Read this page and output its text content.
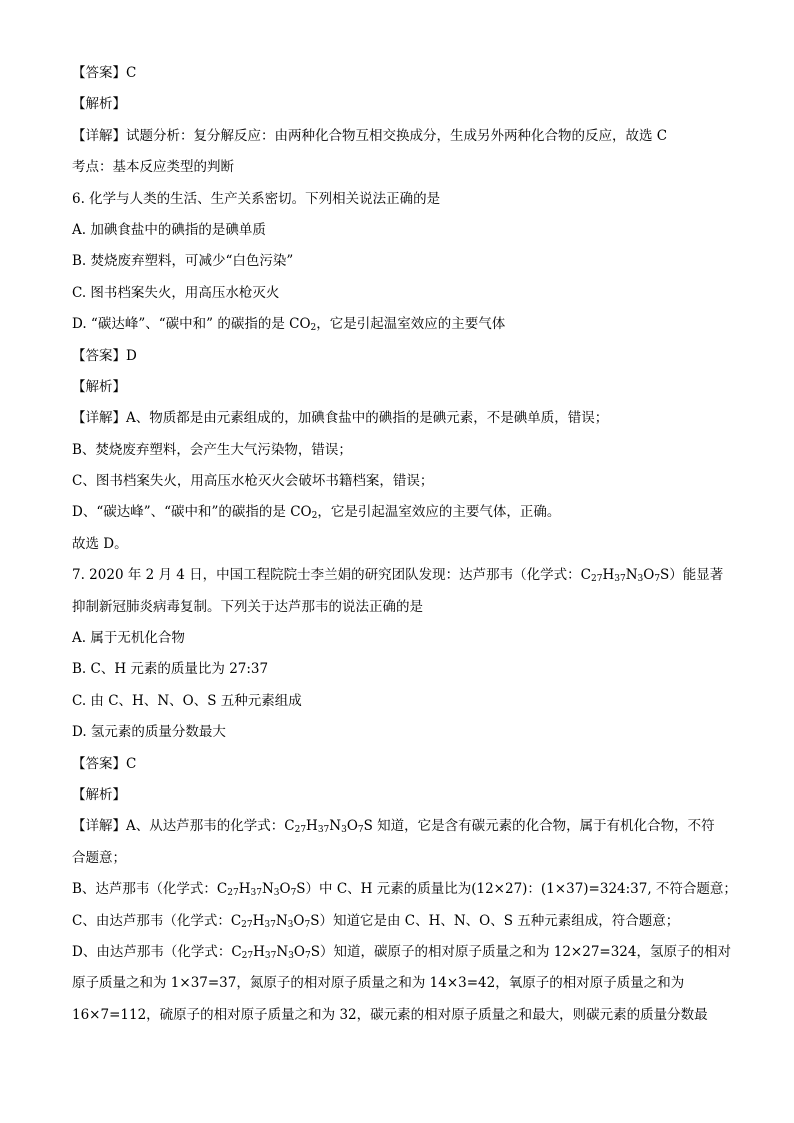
【答案】C
【解析】
【详解】试题分析：复分解反应：由两种化合物互相交换成分，生成另外两种化合物的反应，故选 C
考点：基本反应类型的判断
6. 化学与人类的生活、生产关系密切。下列相关说法正确的是
A. 加碘食盐中的碘指的是碘单质
B. 焚烧废弃塑料，可减少“白色污染”
C. 图书档案失火，用高压水枪灭火
D. “碳达峰”、“碳中和” 的碳指的是 $CO_2$，它是引起温室效应的主要气体
【答案】D
【解析】
【详解】A、物质都是由元素组成的，加碘食盐中的碘指的是碘元素，不是碘单质，错误；
B、焚烧废弃塑料，会产生大气污染物，错误；
C、图书档案失火，用高压水枪灭火会破坏书籍档案，错误；
D、“碳达峰”、“碳中和”的碳指的是 $CO_2$，它是引起温室效应的主要气体，正确。
故选 D。
7. 2020 年 2 月 4 日，中国工程院院士李兰娟的研究团队发现：达芦那韦（化学式：$C_{27}H_{37}N_3O_7S$）能显著
抑制新冠肺炎病毒复制。下列关于达芦那韦的说法正确的是
A. 属于无机化合物
B. C、H 元素的质量比为 27:37
C. 由 C、H、N、O、S 五种元素组成
D. 氢元素的质量分数最大
【答案】C
【解析】
【详解】A、从达芦那韦的化学式：$C_{27}H_{37}N_3O_7S$ 知道，它是含有碳元素的化合物，属于有机化合物，不符
合题意；
B、达芦那韦（化学式：$C_{27}H_{37}N_3O_7S$）中 C、H 元素的质量比为(12×27)：(1×37)=324:37, 不符合题意；
C、由达芦那韦（化学式：$C_{27}H_{37}N_3O_7S$）知道它是由 C、H、N、O、S 五种元素组成，符合题意；
D、由达芦那韦（化学式：$C_{27}H_{37}N_3O_7S$）知道，碳原子的相对原子质量之和为 12×27=324，氢原子的相对
原子质量之和为 1×37=37，氮原子的相对原子质量之和为 14×3=42，氧原子的相对原子质量之和为
16×7=112，硫原子的相对原子质量之和为 32，碳元素的相对原子质量之和最大，则碳元素的质量分数最
